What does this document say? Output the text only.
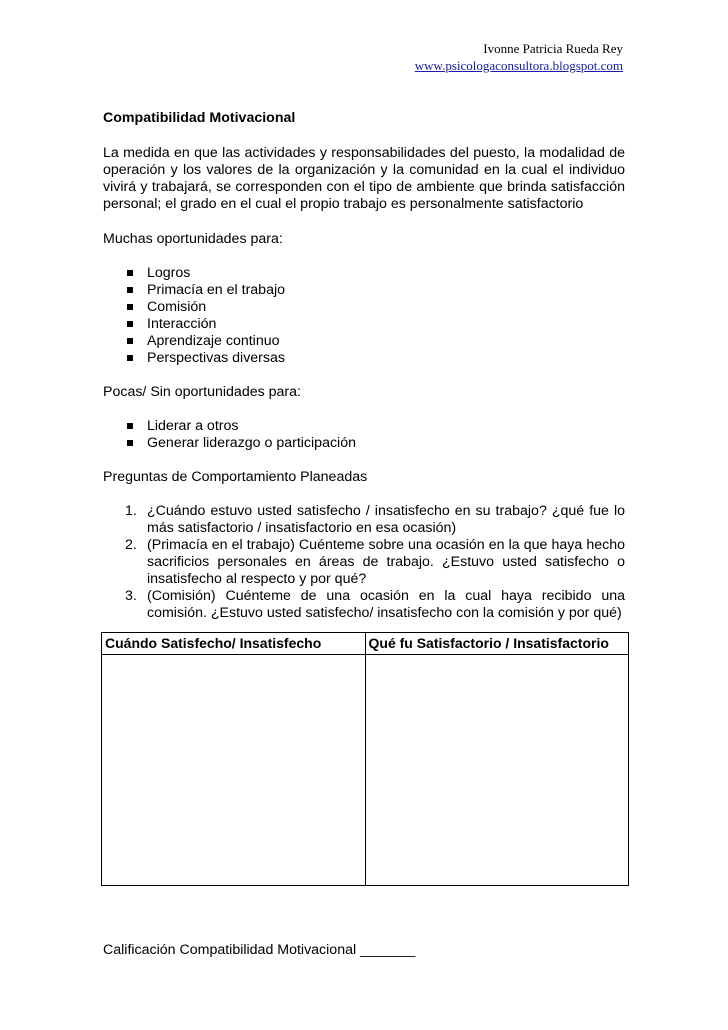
Ivonne Patricia Rueda Rey
www.psicologaconsultora.blogspot.com
Compatibilidad Motivacional
La medida en que las actividades y responsabilidades del puesto, la modalidad de operación y los valores de la organización y la comunidad en la cual el individuo vivirá y trabajará, se corresponden con el tipo de ambiente que brinda satisfacción personal; el grado en el cual el propio trabajo es personalmente satisfactorio
Muchas oportunidades para:
Logros
Primacía en el trabajo
Comisión
Interacción
Aprendizaje continuo
Perspectivas diversas
Pocas/ Sin oportunidades para:
Liderar a otros
Generar liderazgo o participación
Preguntas de Comportamiento Planeadas
1. ¿Cuándo estuvo usted satisfecho / insatisfecho en su trabajo? ¿qué fue lo más satisfactorio / insatisfactorio en esa ocasión)
2. (Primacía en el trabajo) Cuénteme sobre una ocasión en la que haya hecho sacrificios personales en áreas de trabajo. ¿Estuvo usted satisfecho o insatisfecho al respecto y por qué?
3. (Comisión) Cuénteme de una ocasión en la cual haya recibido una comisión. ¿Estuvo usted satisfecho/ insatisfecho con la comisión y por qué)
Cuándo Satisfecho/ Insatisfecho	Qué fu Satisfactorio / Insatisfactorio

Calificación Compatibilidad Motivacional _______
